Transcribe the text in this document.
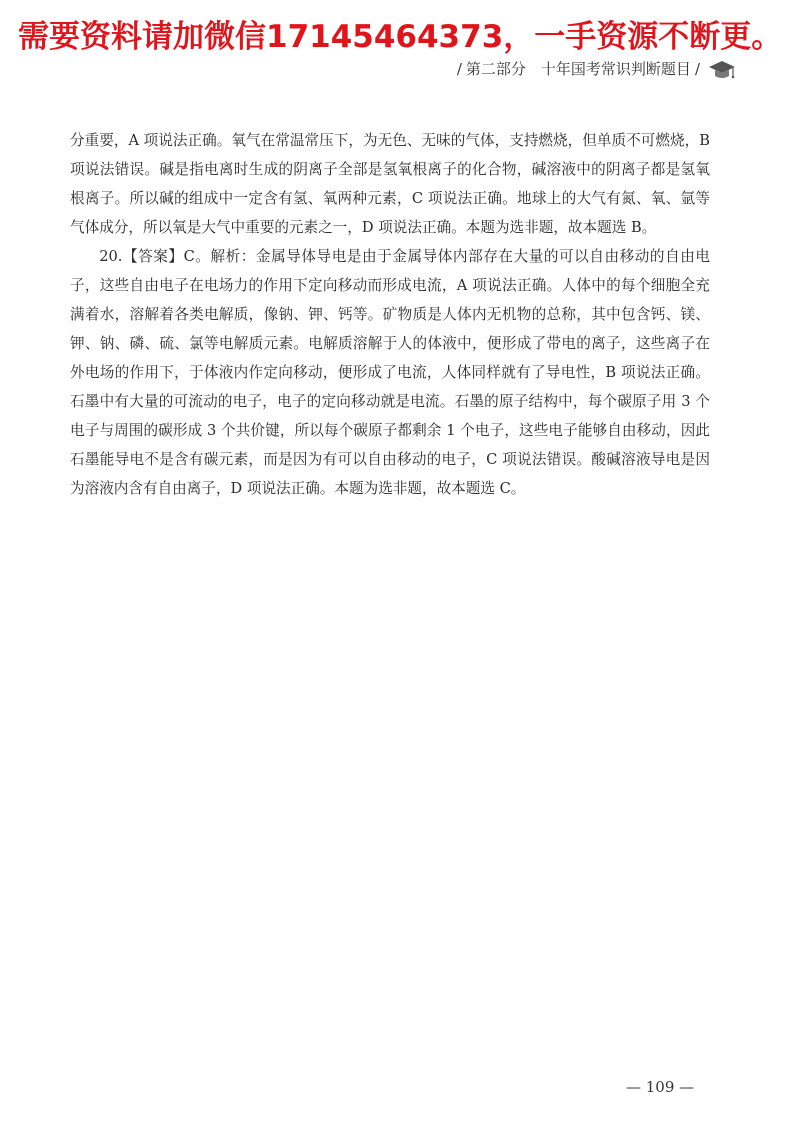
需要资料请加微信17145464373，一手资源不断更。
/ 第二部分  十年国考常识判断题目 /

分重要，A 项说法正确。氧气在常温常压下，为无色、无味的气体，支持燃烧，但单质不可燃烧，B 项说法错误。碱是指电离时生成的阴离子全部是氢氧根离子的化合物，碱溶液中的阴离子都是氢氧根离子。所以碱的组成中一定含有氢、氧两种元素，C 项说法正确。地球上的大气有氮、氧、氩等气体成分，所以氧是大气中重要的元素之一，D 项说法正确。本题为选非题，故本题选 B。

20.【答案】C。解析：金属导体导电是由于金属导体内部存在大量的可以自由移动的自由电子，这些自由电子在电场力的作用下定向移动而形成电流，A 项说法正确。人体中的每个细胞全充满着水，溶解着各类电解质，像钠、钾、钙等。矿物质是人体内无机物的总称，其中包含钙、镁、钾、钠、磷、硫、氯等电解质元素。电解质溶解于人的体液中，便形成了带电的离子，这些离子在外电场的作用下，于体液内作定向移动，便形成了电流，人体同样就有了导电性，B 项说法正确。石墨中有大量的可流动的电子，电子的定向移动就是电流。石墨的原子结构中，每个碳原子用 3 个电子与周围的碳形成 3 个共价键，所以每个碳原子都剩余 1 个电子，这些电子能够自由移动，因此石墨能导电不是含有碳元素，而是因为有可以自由移动的电子，C 项说法错误。酸碱溶液导电是因为溶液内含有自由离子，D 项说法正确。本题为选非题，故本题选 C。

— 109 —
